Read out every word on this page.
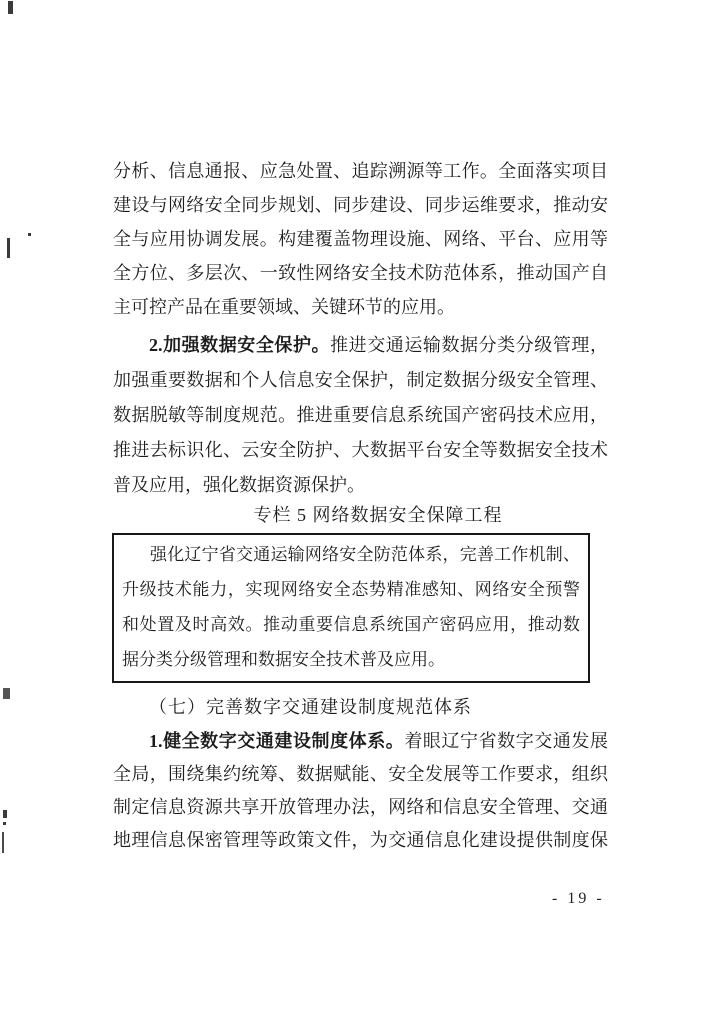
分析、信息通报、应急处置、追踪溯源等工作。全面落实项目
建设与网络安全同步规划、同步建设、同步运维要求，推动安
全与应用协调发展。构建覆盖物理设施、网络、平台、应用等
全方位、多层次、一致性网络安全技术防范体系，推动国产自
主可控产品在重要领域、关键环节的应用。
2.加强数据安全保护。推进交通运输数据分类分级管理，
加强重要数据和个人信息安全保护，制定数据分级安全管理、
数据脱敏等制度规范。推进重要信息系统国产密码技术应用，
推进去标识化、云安全防护、大数据平台安全等数据安全技术
普及应用，强化数据资源保护。
专栏 5 网络数据安全保障工程
强化辽宁省交通运输网络安全防范体系，完善工作机制、
升级技术能力，实现网络安全态势精准感知、网络安全预警
和处置及时高效。推动重要信息系统国产密码应用，推动数
据分类分级管理和数据安全技术普及应用。
（七）完善数字交通建设制度规范体系
1.健全数字交通建设制度体系。着眼辽宁省数字交通发展
全局，围绕集约统筹、数据赋能、安全发展等工作要求，组织
制定信息资源共享开放管理办法，网络和信息安全管理、交通
地理信息保密管理等政策文件，为交通信息化建设提供制度保
- 19 -
